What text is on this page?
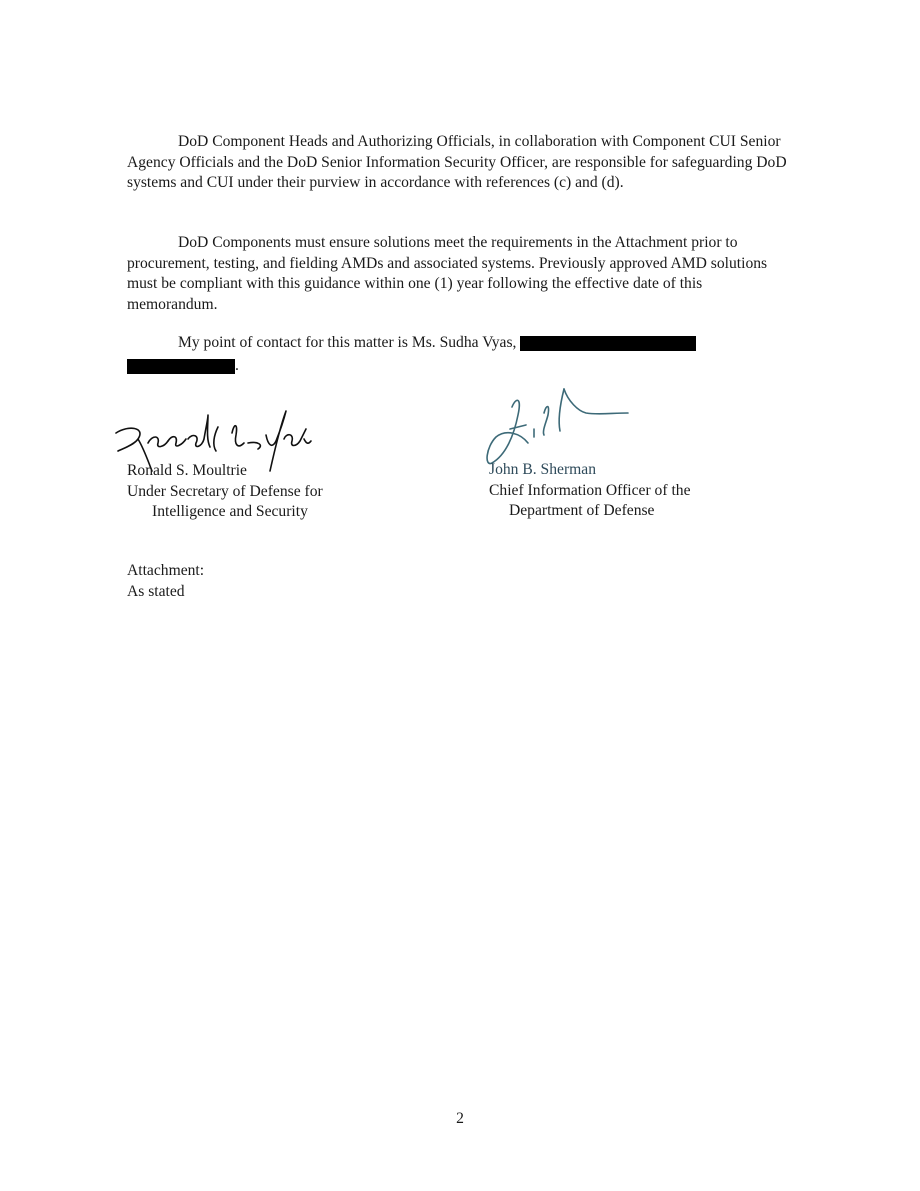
DoD Component Heads and Authorizing Officials, in collaboration with Component CUI Senior Agency Officials and the DoD Senior Information Security Officer, are responsible for safeguarding DoD systems and CUI under their purview in accordance with references (c) and (d).

DoD Components must ensure solutions meet the requirements in the Attachment prior to procurement, testing, and fielding AMDs and associated systems. Previously approved AMD solutions must be compliant with this guidance within one (1) year following the effective date of this memorandum.

My point of contact for this matter is Ms. Sudha Vyas,

.
Ronald S. Moultrie
Under Secretary of Defense for
Intelligence and Security
John B. Sherman
Chief Information Officer of the
Department of Defense
Attachment:
As stated
2
